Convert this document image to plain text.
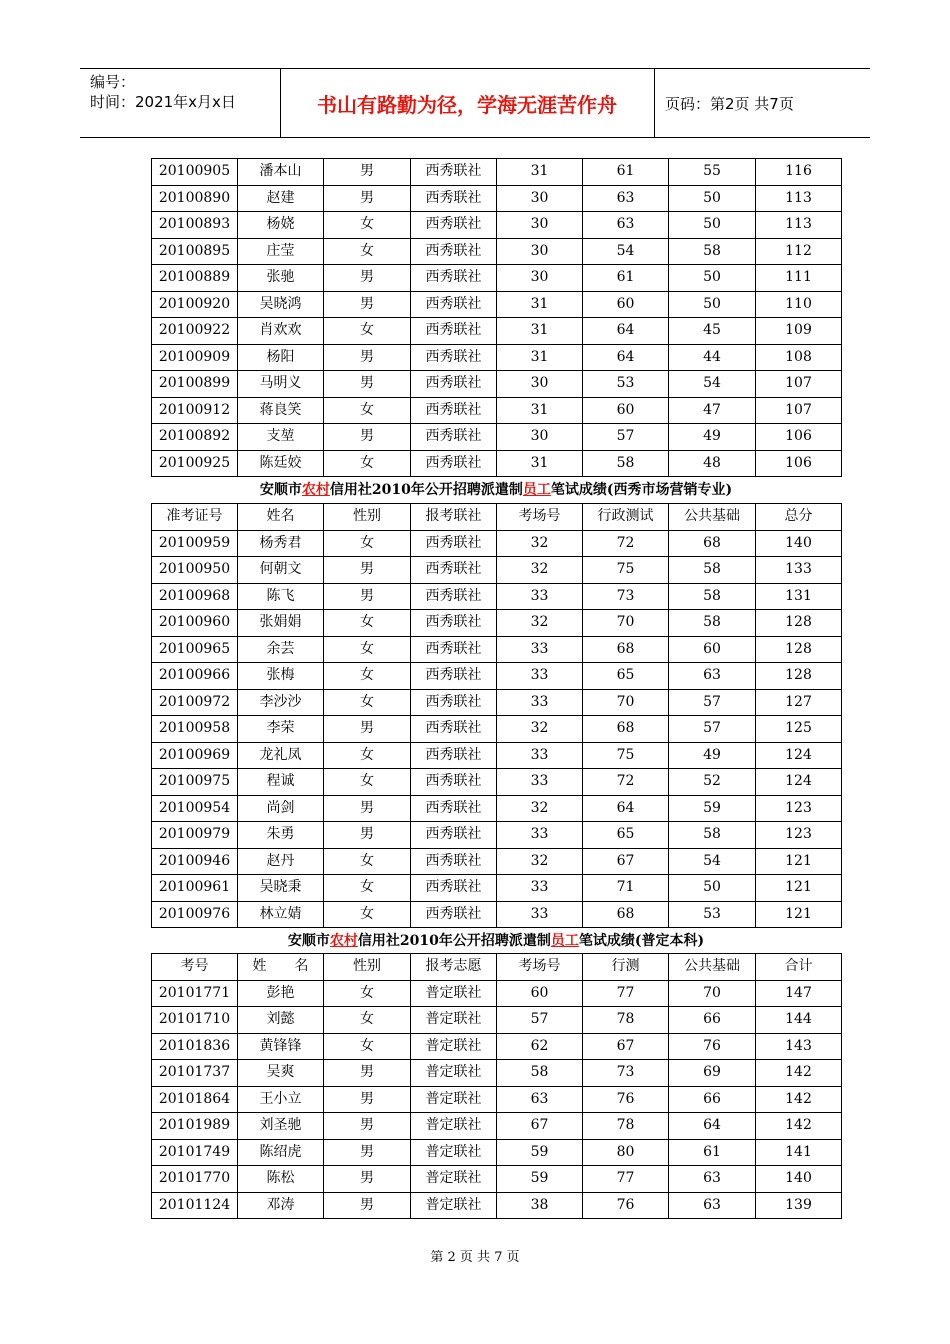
编号：
时间：2021年x月x日	书山有路勤为径，学海无涯苦作舟	页码：第2页 共7页
20100905	潘本山	男	西秀联社	31	61	55	116
20100890	赵建	男	西秀联社	30	63	50	113
20100893	杨娆	女	西秀联社	30	63	50	113
20100895	庄莹	女	西秀联社	30	54	58	112
20100889	张驰	男	西秀联社	30	61	50	111
20100920	吴晓鸿	男	西秀联社	31	60	50	110
20100922	肖欢欢	女	西秀联社	31	64	45	109
20100909	杨阳	男	西秀联社	31	64	44	108
20100899	马明义	男	西秀联社	30	53	54	107
20100912	蒋良笑	女	西秀联社	31	60	47	107
20100892	支堃	男	西秀联社	30	57	49	106
20100925	陈廷姣	女	西秀联社	31	58	48	106
安顺市农村信用社2010年公开招聘派遣制员工笔试成绩(西秀市场营销专业)
准考证号	姓名	性别	报考联社	考场号	行政测试	公共基础	总分
20100959	杨秀君	女	西秀联社	32	72	68	140
20100950	何朝文	男	西秀联社	32	75	58	133
20100968	陈飞	男	西秀联社	33	73	58	131
20100960	张娟娟	女	西秀联社	32	70	58	128
20100965	余芸	女	西秀联社	33	68	60	128
20100966	张梅	女	西秀联社	33	65	63	128
20100972	李沙沙	女	西秀联社	33	70	57	127
20100958	李荣	男	西秀联社	32	68	57	125
20100969	龙礼凤	女	西秀联社	33	75	49	124
20100975	程诚	女	西秀联社	33	72	52	124
20100954	尚剑	男	西秀联社	32	64	59	123
20100979	朱勇	男	西秀联社	33	65	58	123
20100946	赵丹	女	西秀联社	32	67	54	121
20100961	吴晓秉	女	西秀联社	33	71	50	121
20100976	林立婧	女	西秀联社	33	68	53	121
安顺市农村信用社2010年公开招聘派遣制员工笔试成绩(普定本科)
考号	姓　　名	性别	报考志愿	考场号	行测	公共基础	合计
20101771	彭艳	女	普定联社	60	77	70	147
20101710	刘懿	女	普定联社	57	78	66	144
20101836	黄锋锋	女	普定联社	62	67	76	143
20101737	吴爽	男	普定联社	58	73	69	142
20101864	王小立	男	普定联社	63	76	66	142
20101989	刘圣驰	男	普定联社	67	78	64	142
20101749	陈绍虎	男	普定联社	59	80	61	141
20101770	陈松	男	普定联社	59	77	63	140
20101124	邓涛	男	普定联社	38	76	63	139
第 2 页 共 7 页
